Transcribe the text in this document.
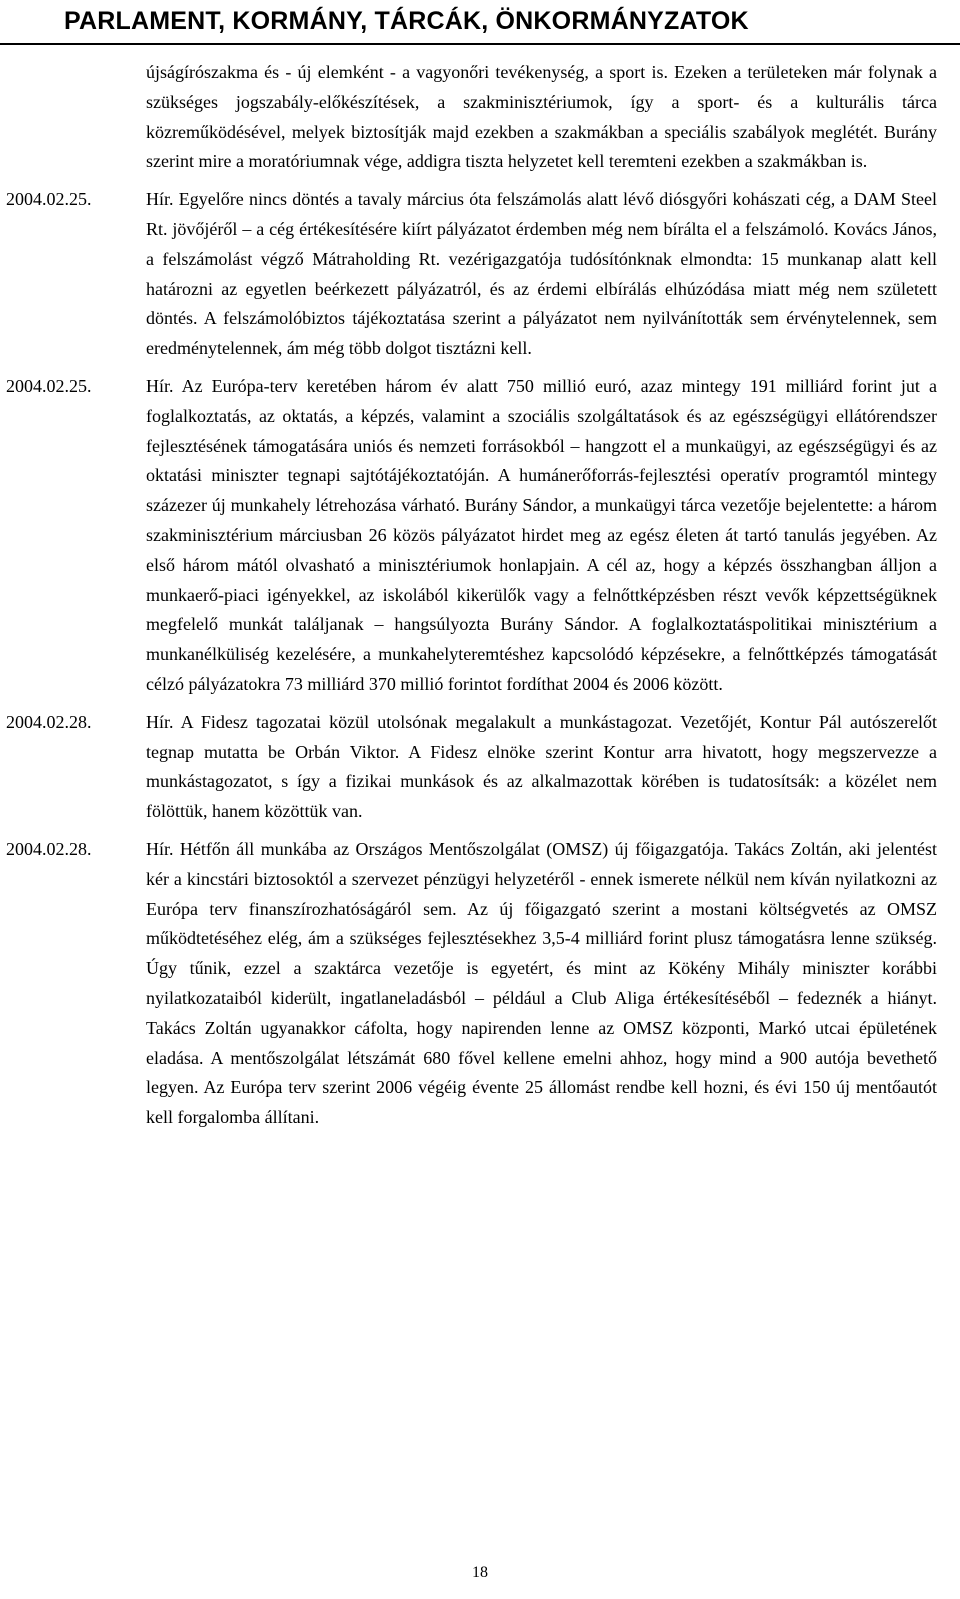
PARLAMENT, KORMÁNY, TÁRCÁK, ÖNKORMÁNYZATOK
újságírószakma és - új elemként - a vagyonőri tevékenység, a sport is. Ezeken a területeken már folynak a szükséges jogszabály-előkészítések, a szakminisztériumok, így a sport- és a kulturális tárca közreműködésével, melyek biztosítják majd ezekben a szakmákban a speciális szabályok meglétét. Burány szerint mire a moratóriumnak vége, addigra tiszta helyzetet kell teremteni ezekben a szakmákban is.
2004.02.25.	Hír. Egyelőre nincs döntés a tavaly március óta felszámolás alatt lévő diósgyőri kohászati cég, a DAM Steel Rt. jövőjéről – a cég értékesítésére kiírt pályázatot érdemben még nem bírálta el a felszámoló. Kovács János, a felszámolást végző Mátraholding Rt. vezérigazgatója tudósítónknak elmondta: 15 munkanap alatt kell határozni az egyetlen beérkezett pályázatról, és az érdemi elbírálás elhúzódása miatt még nem született döntés. A felszámolóbiztos tájékoztatása szerint a pályázatot nem nyilvánították sem érvénytelennek, sem eredménytelennek, ám még több dolgot tisztázni kell.
2004.02.25.	Hír. Az Európa-terv keretében három év alatt 750 millió euró, azaz mintegy 191 milliárd forint jut a foglalkoztatás, az oktatás, a képzés, valamint a szociális szolgáltatások és az egészségügyi ellátórendszer fejlesztésének támogatására uniós és nemzeti forrásokból – hangzott el a munkaügyi, az egészségügyi és az oktatási miniszter tegnapi sajtótájékoztatóján. A humánerőforrás-fejlesztési operatív programtól mintegy százezer új munkahely létrehozása várható. Burány Sándor, a munkaügyi tárca vezetője bejelentette: a három szakminisztérium márciusban 26 közös pályázatot hirdet meg az egész életen át tartó tanulás jegyében. Az első három mától olvasható a minisztériumok honlapjain. A cél az, hogy a képzés összhangban álljon a munkaerő-piaci igényekkel, az iskolából kikerülők vagy a felnőttképzésben részt vevők képzettségüknek megfelelő munkát találjanak – hangsúlyozta Burány Sándor. A foglalkoztatáspolitikai minisztérium a munkanélküliség kezelésére, a munkahelyteremtéshez kapcsolódó képzésekre, a felnőttképzés támogatását célzó pályázatokra 73 milliárd 370 millió forintot fordíthat 2004 és 2006 között.
2004.02.28.	Hír. A Fidesz tagozatai közül utolsónak megalakult a munkástagozat. Vezetőjét, Kontur Pál autószerelőt tegnap mutatta be Orbán Viktor. A Fidesz elnöke szerint Kontur arra hivatott, hogy megszervezze a munkástagozatot, s így a fizikai munkások és az alkalmazottak körében is tudatosítsák: a közélet nem fölöttük, hanem közöttük van.
2004.02.28.	Hír. Hétfőn áll munkába az Országos Mentőszolgálat (OMSZ) új főigazgatója. Takács Zoltán, aki jelentést kér a kincstári biztosoktól a szervezet pénzügyi helyzetéről - ennek ismerete nélkül nem kíván nyilatkozni az Európa terv finanszírozhatóságáról sem. Az új főigazgató szerint a mostani költségvetés az OMSZ működtetéséhez elég, ám a szükséges fejlesztésekhez 3,5-4 milliárd forint plusz támogatásra lenne szükség. Úgy tűnik, ezzel a szaktárca vezetője is egyetért, és mint az Kökény Mihály miniszter korábbi nyilatkozataiból kiderült, ingatlaneladásból – például a Club Aliga értékesítéséből – fedeznék a hiányt. Takács Zoltán ugyanakkor cáfolta, hogy napirenden lenne az OMSZ központi, Markó utcai épületének eladása. A mentőszolgálat létszámát 680 fővel kellene emelni ahhoz, hogy mind a 900 autója bevethető legyen. Az Európa terv szerint 2006 végéig évente 25 állomást rendbe kell hozni, és évi 150 új mentőautót kell forgalomba állítani.
18
